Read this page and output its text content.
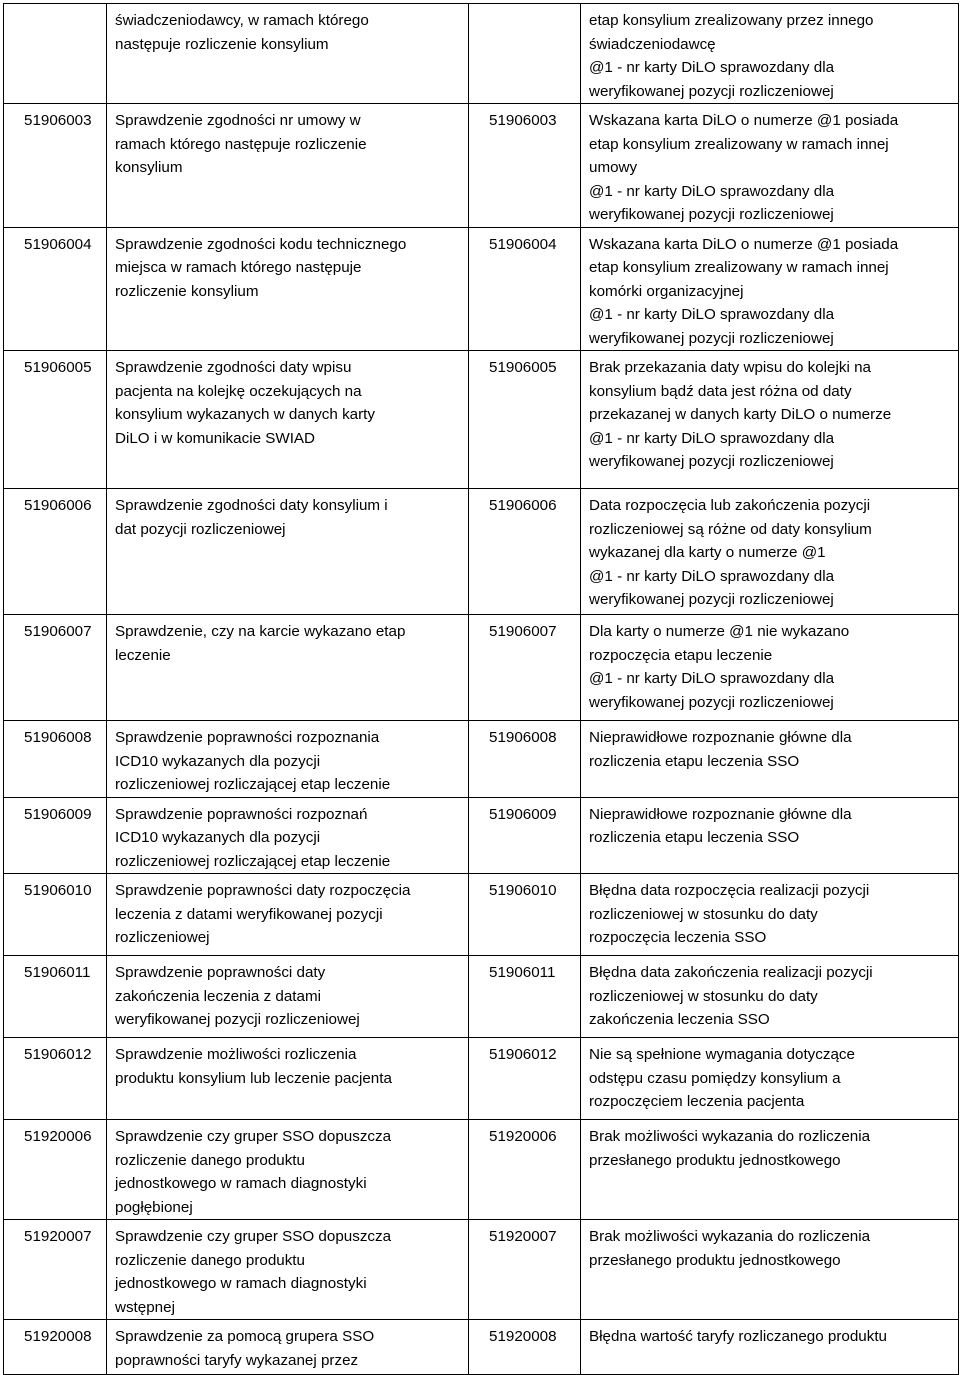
	świadczeniodawcy, w ramach którego
następuje rozliczenie konsylium		etap konsylium zrealizowany przez innego
świadczeniodawcę
@1 - nr karty DiLO sprawozdany dla
weryfikowanej pozycji rozliczeniowej

51906003	Sprawdzenie zgodności nr umowy w
ramach którego następuje rozliczenie
konsylium	51906003	Wskazana karta DiLO o numerze @1 posiada
etap konsylium zrealizowany w ramach innej
umowy
@1 - nr karty DiLO sprawozdany dla
weryfikowanej pozycji rozliczeniowej

51906004	Sprawdzenie zgodności kodu technicznego
miejsca w ramach którego następuje
rozliczenie konsylium	51906004	Wskazana karta DiLO o numerze @1 posiada
etap konsylium zrealizowany w ramach innej
komórki organizacyjnej
@1 - nr karty DiLO sprawozdany dla
weryfikowanej pozycji rozliczeniowej

51906005	Sprawdzenie zgodności daty wpisu
pacjenta na kolejkę oczekujących na
konsylium wykazanych w danych karty
DiLO i w komunikacie SWIAD	51906005	Brak przekazania daty wpisu do kolejki na
konsylium bądź data jest różna od daty
przekazanej w danych karty DiLO o numerze
@1 - nr karty DiLO sprawozdany dla
weryfikowanej pozycji rozliczeniowej

51906006	Sprawdzenie zgodności daty konsylium i
dat pozycji rozliczeniowej	51906006	Data rozpoczęcia lub zakończenia pozycji
rozliczeniowej są różne od daty konsylium
wykazanej dla karty o numerze @1
@1 - nr karty DiLO sprawozdany dla
weryfikowanej pozycji rozliczeniowej

51906007	Sprawdzenie, czy na karcie wykazano etap
leczenie	51906007	Dla karty o numerze @1 nie wykazano
rozpoczęcia etapu leczenie
@1 - nr karty DiLO sprawozdany dla
weryfikowanej pozycji rozliczeniowej

51906008	Sprawdzenie poprawności rozpoznania
ICD10 wykazanych dla pozycji
rozliczeniowej rozliczającej etap leczenie	51906008	Nieprawidłowe rozpoznanie główne dla
rozliczenia etapu leczenia SSO

51906009	Sprawdzenie poprawności rozpoznań
ICD10 wykazanych dla pozycji
rozliczeniowej rozliczającej etap leczenie	51906009	Nieprawidłowe rozpoznanie główne dla
rozliczenia etapu leczenia SSO

51906010	Sprawdzenie poprawności daty rozpoczęcia
leczenia z datami weryfikowanej pozycji
rozliczeniowej	51906010	Błędna data rozpoczęcia realizacji pozycji
rozliczeniowej w stosunku do daty
rozpoczęcia leczenia SSO

51906011	Sprawdzenie poprawności daty
zakończenia leczenia z datami
weryfikowanej pozycji rozliczeniowej	51906011	Błędna data zakończenia realizacji pozycji
rozliczeniowej w stosunku do daty
zakończenia leczenia SSO

51906012	Sprawdzenie możliwości rozliczenia
produktu konsylium lub leczenie pacjenta	51906012	Nie są spełnione wymagania dotyczące
odstępu czasu pomiędzy konsylium a
rozpoczęciem leczenia pacjenta

51920006	Sprawdzenie czy gruper SSO dopuszcza
rozliczenie danego produktu
jednostkowego w ramach diagnostyki
pogłębionej	51920006	Brak możliwości wykazania do rozliczenia
przesłanego produktu jednostkowego

51920007	Sprawdzenie czy gruper SSO dopuszcza
rozliczenie danego produktu
jednostkowego w ramach diagnostyki
wstępnej	51920007	Brak możliwości wykazania do rozliczenia
przesłanego produktu jednostkowego

51920008	Sprawdzenie za pomocą grupera SSO
poprawności taryfy wykazanej przez	51920008	Błędna wartość taryfy rozliczanego produktu
